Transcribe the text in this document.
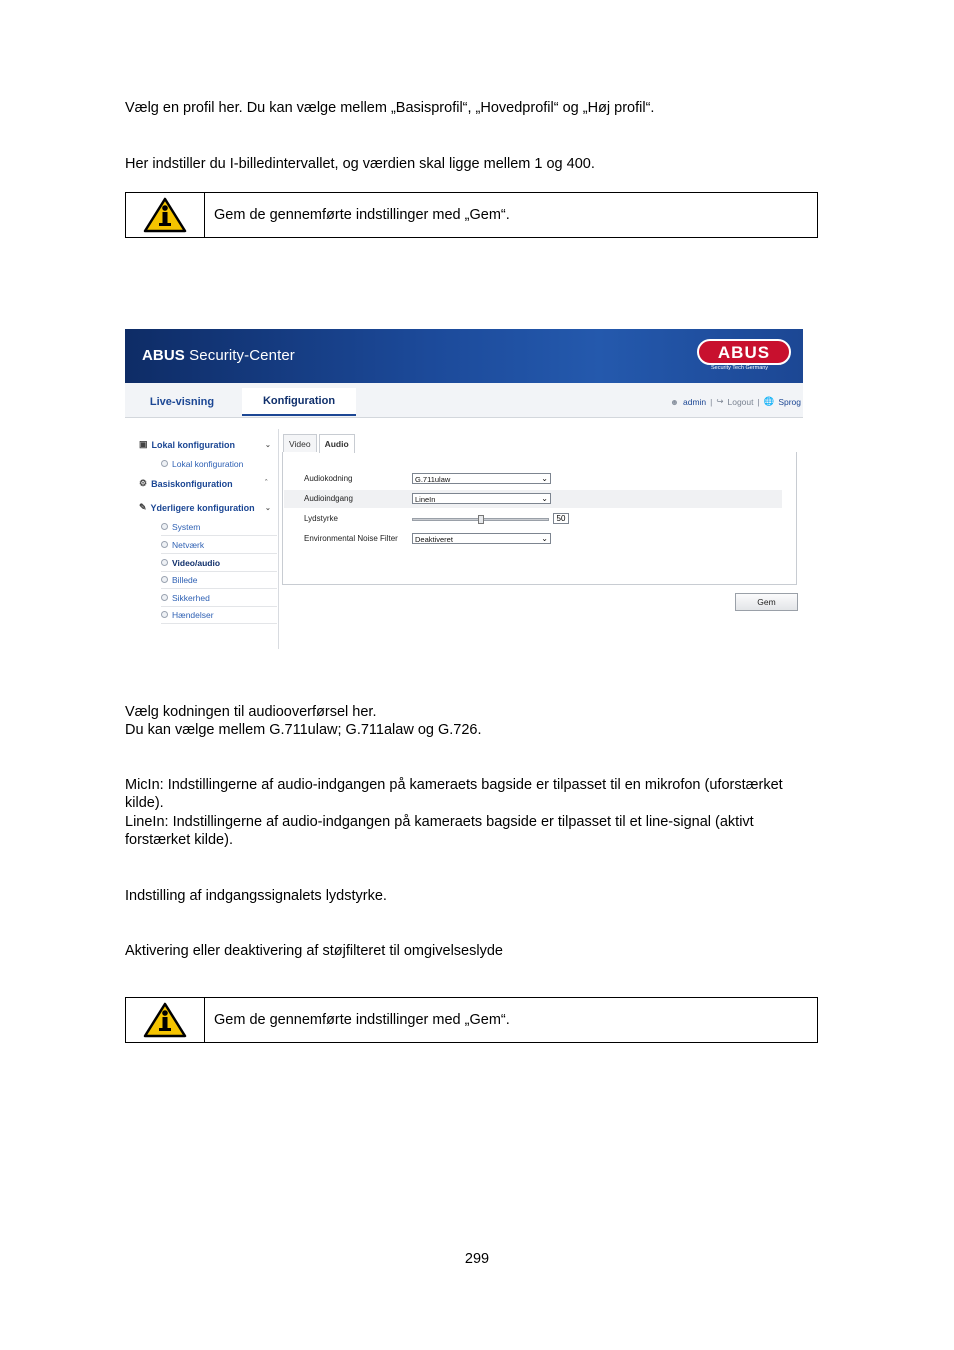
Vælg en profil her. Du kan vælge mellem „Basisprofil“, „Hovedprofil“ og „Høj profil“.

Her indstiller du I-billedintervallet, og værdien skal ligge mellem 1 og 400.

Gem de gennemførte indstillinger med „Gem“.
ABUS Security-Center	ABUS
Security Tech Germany
Live-visning	Konfiguration	☻ admin | ↪ Logout | 🌐 Sprog
▣ Lokal konfiguration	⌄
Lokal konfiguration
⚙ Basiskonfiguration	ˆ
✎ Yderligere konfiguration ⌄
System
Netværk
Video/audio
Billede
Sikkerhed
Hændelser
Video	Audio
Audiokodning	G.711ulaw	⌄
Audioindgang	LineIn	⌄
Lydstyrke	50
Environmental Noise Filter	Deaktiveret	⌄
Gem

Vælg kodningen til audiooverførsel her.

Du kan vælge mellem G.711ulaw; G.711alaw og G.726.

MicIn: Indstillingerne af audio-indgangen på kameraets bagside er tilpasset til en mikrofon (uforstærket

kilde).

LineIn: Indstillingerne af audio-indgangen på kameraets bagside er tilpasset til et line-signal (aktivt

forstærket kilde).

Indstilling af indgangssignalets lydstyrke.

Aktivering eller deaktivering af støjfilteret til omgivelseslyde

Gem de gennemførte indstillinger med „Gem“.
299
